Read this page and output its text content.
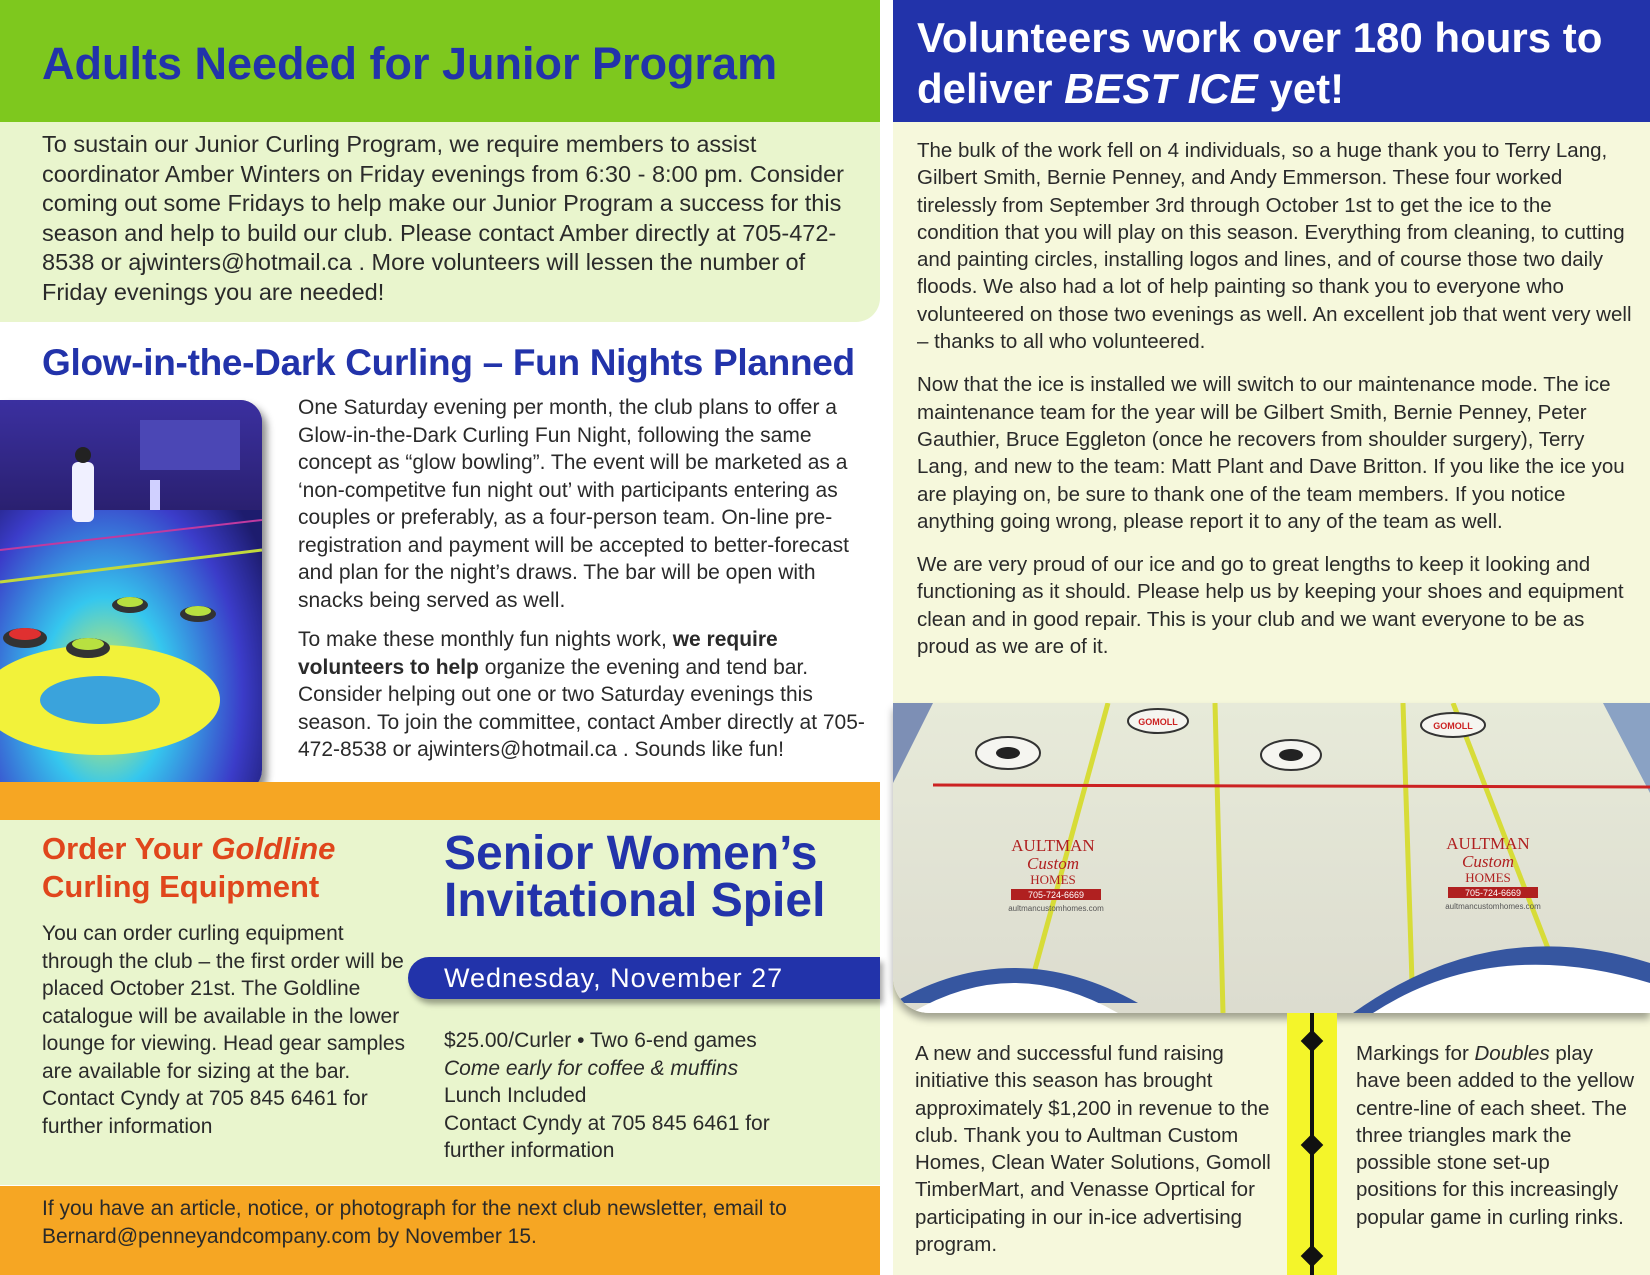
Adults Needed for Junior Program

To sustain our Junior Curling Program, we require members to assist coordinator Amber Winters on Friday evenings from 6:30 - 8:00 pm. Consider coming out some Fridays to help make our Junior Program a success for this season and help to build our club. Please contact Amber directly at 705-472-8538 or ajwinters@hotmail.ca . More volunteers will lessen the number of Friday evenings you are needed!

Glow-in-the-Dark Curling – Fun Nights Planned

One Saturday evening per month, the club plans to offer a Glow-in-the-Dark Curling Fun Night, following the same concept as “glow bowling”. The event will be marketed as a ‘non-competitve fun night out’ with participants entering as couples or preferably, as a four-person team. On-line pre-registration and payment will be accepted to better-forecast and plan for the night’s draws. The bar will be open with snacks being served as well.

To make these monthly fun nights work, we require volunteers to help organize the evening and tend bar. Consider helping out one or two Saturday evenings this season. To join the committee, contact Amber directly at 705-472-8538 or ajwinters@hotmail.ca . Sounds like fun!

Order Your Goldline
Curling Equipment

You can order curling equipment through the club – the first order will be placed October 21st. The Goldline catalogue will be available in the lower lounge for viewing. Head gear samples are available for sizing at the bar. Contact Cyndy at 705 845 6461 for further information

Senior Women’s
Invitational Spiel

Wednesday, November 27

$25.00/Curler • Two 6-end games
Come early for coffee & muffins
Lunch Included
Contact Cyndy at 705 845 6461 for
further information

If you have an article, notice, or photograph for the next club newsletter, email to Bernard@penneyandcompany.com by November 15.

Volunteers work over 180 hours to deliver BEST ICE yet!

The bulk of the work fell on 4 individuals, so a huge thank you to Terry Lang, Gilbert Smith, Bernie Penney, and Andy Emmerson. These four worked tirelessly from September 3rd through October 1st to get the ice to the condition that you will play on this season. Everything from cleaning, to cutting and painting circles, installing logos and lines, and of course those two daily floods. We also had a lot of help painting so thank you to everyone who volunteered on those two evenings as well. An excellent job that went very well – thanks to all who volunteered.

Now that the ice is installed we will switch to our maintenance mode. The ice maintenance team for the year will be Gilbert Smith, Bernie Penney, Peter Gauthier, Bruce Eggleton (once he recovers from shoulder surgery), Terry Lang, and new to the team: Matt Plant and Dave Britton. If you like the ice you are playing on, be sure to thank one of the team members. If you notice anything going wrong, please report it to any of the team as well.

We are very proud of our ice and go to great lengths to keep it looking and functioning as it should. Please help us by keeping your shoes and equipment clean and in good repair. This is your club and we want everyone to be as proud as we are of it.

GOMOLL	GOMOLL
AULTMAN
Custom
HOMES
705-724-6669
aultmancustomhomes.com
AULTMAN
Custom
HOMES
705-724-6669
aultmancustomhomes.com

A new and successful fund raising initiative this season has brought approximately $1,200 in revenue to the club. Thank you to Aultman Custom Homes, Clean Water Solutions, Gomoll TimberMart, and Venasse Oprtical for participating in our in-ice advertising program.

Markings for Doubles play have been added to the yellow centre-line of each sheet. The three triangles mark the possible stone set-up positions for this increasingly popular game in curling rinks.
